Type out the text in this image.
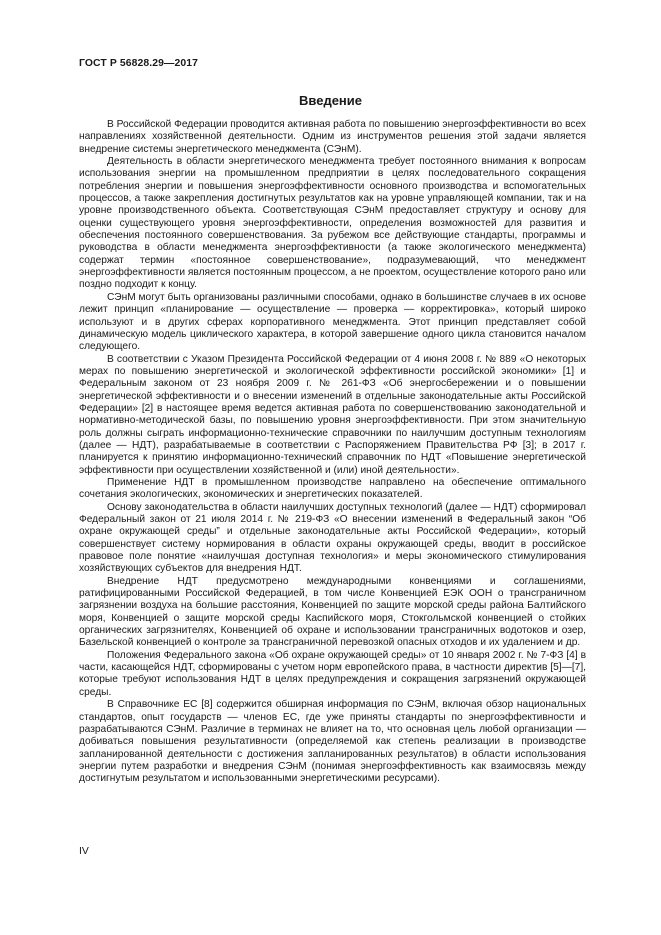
ГОСТ Р 56828.29—2017
Введение

В Российской Федерации проводится активная работа по повышению энергоэффективности во всех направлениях хозяйственной деятельности. Одним из инструментов решения этой задачи является внедрение системы энергетического менеджмента (СЭнМ).

Деятельность в области энергетического менеджмента требует постоянного внимания к вопросам использования энергии на промышленном предприятии в целях последовательного сокращения потребления энергии и повышения энергоэффективности основного производства и вспомогательных процессов, а также закрепления достигнутых результатов как на уровне управляющей компании, так и на уровне производственного объекта. Соответствующая СЭнМ предоставляет структуру и основу для оценки существующего уровня энергоэффективности, определения возможностей для развития и обеспечения постоянного совершенствования. За рубежом все действующие стандарты, программы и руководства в области менеджмента энергоэффективности (а также экологического менеджмента) содержат термин «постоянное совершенствование», подразумевающий, что менеджмент энергоэффективности является постоянным процессом, а не проектом, осуществление которого рано или поздно подходит к концу.

СЭнМ могут быть организованы различными способами, однако в большинстве случаев в их основе лежит принцип «планирование — осуществление — проверка — корректировка», который широко используют и в других сферах корпоративного менеджмента. Этот принцип представляет собой динамическую модель циклического характера, в которой завершение одного цикла становится началом следующего.

В соответствии с Указом Президента Российской Федерации от 4 июня 2008 г. № 889 «О некоторых мерах по повышению энергетической и экологической эффективности российской экономики» [1] и Федеральным законом от 23 ноября 2009 г. № 261-ФЗ «Об энергосбережении и о повышении энергетической эффективности и о внесении изменений в отдельные законодательные акты Российской Федерации» [2] в настоящее время ведется активная работа по совершенствованию законодательной и нормативно-методической базы, по повышению уровня энергоэффективности. При этом значительную роль должны сыграть информационно-технические справочники по наилучшим доступным технологиям (далее — НДТ), разрабатываемые в соответствии с Распоряжением Правительства РФ [3]; в 2017 г. планируется к принятию информационно-технический справочник по НДТ «Повышение энергетической эффективности при осуществлении хозяйственной и (или) иной деятельности».

Применение НДТ в промышленном производстве направлено на обеспечение оптимального сочетания экологических, экономических и энергетических показателей.

Основу законодательства в области наилучших доступных технологий (далее — НДТ) сформировал Федеральный закон от 21 июля 2014 г. № 219-ФЗ «О внесении изменений в Федеральный закон “Об охране окружающей среды” и отдельные законодательные акты Российской Федерации», который совершенствует систему нормирования в области охраны окружающей среды, вводит в российское правовое поле понятие «наилучшая доступная технология» и меры экономического стимулирования хозяйствующих субъектов для внедрения НДТ.

Внедрение НДТ предусмотрено международными конвенциями и соглашениями, ратифицированными Российской Федерацией, в том числе Конвенцией ЕЭК ООН о трансграничном загрязнении воздуха на большие расстояния, Конвенцией по защите морской среды района Балтийского моря, Конвенцией о защите морской среды Каспийского моря, Стокгольмской конвенцией о стойких органических загрязнителях, Конвенцией об охране и использовании трансграничных водотоков и озер, Базельской конвенцией о контроле за трансграничной перевозкой опасных отходов и их удалением и др.

Положения Федерального закона «Об охране окружающей среды» от 10 января 2002 г. № 7-ФЗ [4] в части, касающейся НДТ, сформированы с учетом норм европейского права, в частности директив [5]—[7], которые требуют использования НДТ в целях предупреждения и сокращения загрязнений окружающей среды.

В Справочнике ЕС [8] содержится обширная информация по СЭнМ, включая обзор национальных стандартов, опыт государств — членов ЕС, где уже приняты стандарты по энергоэффективности и разрабатываются СЭнМ. Различие в терминах не влияет на то, что основная цель любой организации — добиваться повышения результативности (определяемой как степень реализации в производстве запланированной деятельности с достижения запланированных результатов) в области использования энергии путем разработки и внедрения СЭнМ (понимая энергоэффективность как взаимосвязь между достигнутым результатом и использованными энергетическими ресурсами).

IV
